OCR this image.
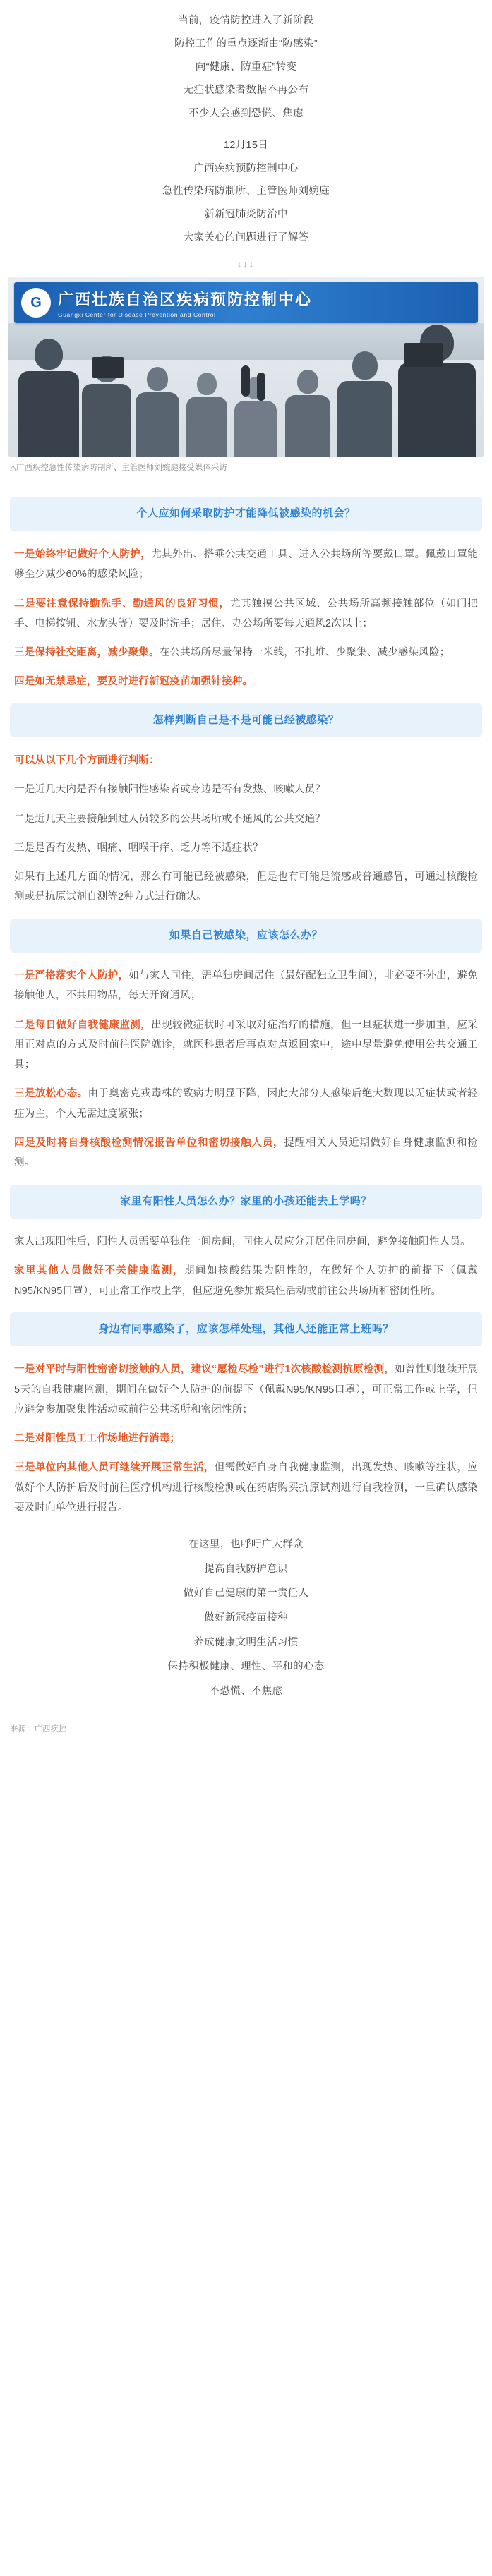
当前，疫情防控进入了新阶段

防控工作的重点逐渐由“防感染”

向“健康、防重症”转变

无症状感染者数据不再公布

不少人会感到恐慌、焦虑

12月15日

广西疾病预防控制中心

急性传染病防制所、主管医师刘婉庭

新新冠肺炎防治中

大家关心的问题进行了解答

↓↓↓
G	广西壮族自治区疾病预防控制中心
Guangxi Center for Disease Prevention and Control
△广西疾控急性传染病防制所、主管医师刘婉庭接受媒体采访
个人应如何采取防护才能降低被感染的机会？

一是始终牢记做好个人防护，尤其外出、搭乘公共交通工具、进入公共场所等要戴口罩。佩戴口罩能够至少减少60%的感染风险；

二是要注意保持勤洗手、勤通风的良好习惯，尤其触摸公共区域、公共场所高频接触部位（如门把手、电梯按钮、水龙头等）要及时洗手；居住、办公场所要每天通风2次以上；

三是保持社交距离，减少聚集。在公共场所尽量保持一米线，不扎堆、少聚集、减少感染风险；

四是如无禁忌症，要及时进行新冠疫苗加强针接种。

怎样判断自己是不是可能已经被感染？

可以从以下几个方面进行判断：

一是近几天内是否有接触阳性感染者或身边是否有发热、咳嗽人员？

二是近几天主要接触到过人员较多的公共场所或不通风的公共交通？

三是是否有发热、咽痛、咽喉干痒、乏力等不适症状？

如果有上述几方面的情况，那么有可能已经被感染，但是也有可能是流感或普通感冒，可通过核酸检测或是抗原试剂自测等2种方式进行确认。

如果自己被感染，应该怎么办？

一是严格落实个人防护，如与家人同住，需单独房间居住（最好配独立卫生间），非必要不外出，避免接触他人，不共用物品，每天开窗通风；

二是每日做好自我健康监测，出现较微症状时可采取对症治疗的措施，但一旦症状进一步加重，应采用正对点的方式及时前往医院就诊，就医科患者后再点对点返回家中，途中尽量避免使用公共交通工具；

三是放松心态。由于奥密克戎毒株的致病力明显下降，因此大部分人感染后绝大数现以无症状或者轻症为主，个人无需过度紧张；

四是及时将自身核酸检测情况报告单位和密切接触人员，提醒相关人员近期做好自身健康监测和检测。

家里有阳性人员怎么办？家里的小孩还能去上学吗？

家人出现阳性后，阳性人员需要单独住一间房间，同住人员应分开居住同房间，避免接触阳性人员。

家里其他人员做好不关健康监测，期间如核酸结果为阴性的，在做好个人防护的前提下（佩戴N95/KN95口罩），可正常工作或上学，但应避免参加聚集性活动或前往公共场所和密闭性所。

身边有同事感染了，应该怎样处理，其他人还能正常上班吗？

一是对平时与阳性密密切接触的人员，建议“愿检尽检”进行1次核酸检测抗原检测，如曾性则继续开展5天的自我健康监测，期间在做好个人防护的前提下（佩戴N95/KN95口罩），可正常工作或上学，但应避免参加聚集性活动或前往公共场所和密闭性所；

二是对阳性员工工作场地进行消毒；

三是单位内其他人员可继续开展正常生活，但需做好自身自我健康监测，出现发热、咳嗽等症状，应做好个人防护后及时前往医疗机构进行核酸检测或在药店购买抗原试剂进行自我检测，一旦确认感染要及时向单位进行报告。

在这里，也呼吁广大群众

提高自我防护意识

做好自己健康的第一责任人

做好新冠疫苗接种

养成健康文明生活习惯

保持积极健康、理性、平和的心态

不恐慌、不焦虑

来源：广西疾控
